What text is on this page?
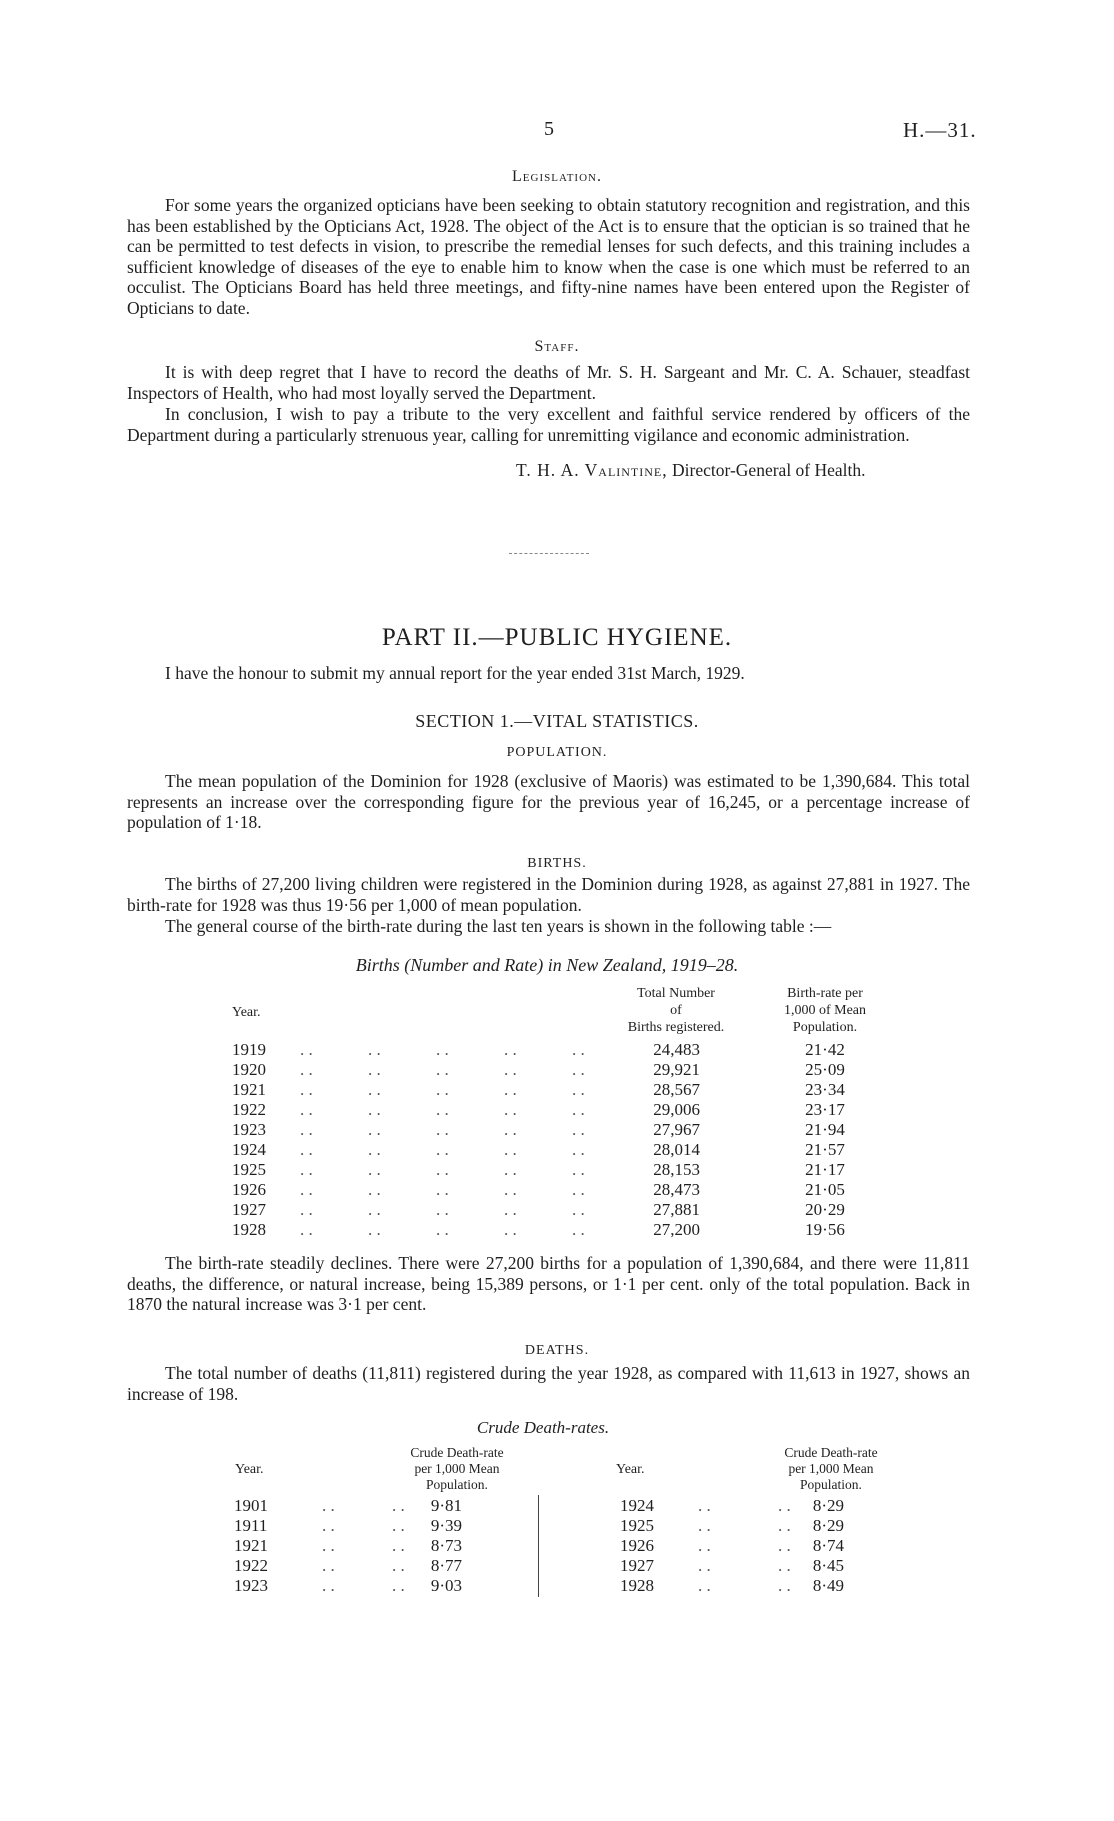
5	H.—31.
Legislation.

For some years the organized opticians have been seeking to obtain statutory recognition and registration, and this has been established by the Opticians Act, 1928. The object of the Act is to ensure that the optician is so trained that he can be permitted to test defects in vision, to prescribe the remedial lenses for such defects, and this training includes a sufficient knowledge of diseases of the eye to enable him to know when the case is one which must be referred to an occulist. The Opticians Board has held three meetings, and fifty-nine names have been entered upon the Register of Opticians to date.

Staff.

It is with deep regret that I have to record the deaths of Mr. S. H. Sargeant and Mr. C. A. Schauer, steadfast Inspectors of Health, who had most loyally served the Department.

In conclusion, I wish to pay a tribute to the very excellent and faithful service rendered by officers of the Department during a particularly strenuous year, calling for unremitting vigilance and economic administration.

T. H. A. Valintine, Director-General of Health.
PART II.—PUBLIC HYGIENE.

I have the honour to submit my annual report for the year ended 31st March, 1929.

SECTION 1.—VITAL STATISTICS.
POPULATION.

The mean population of the Dominion for 1928 (exclusive of Maoris) was estimated to be 1,390,684. This total represents an increase over the corresponding figure for the previous year of 16,245, or a percentage increase of population of 1·18.

BIRTHS.

The births of 27,200 living children were registered in the Dominion during 1928, as against 27,881 in 1927. The birth-rate for 1928 was thus 19·56 per 1,000 of mean population.

The general course of the birth-rate during the last ten years is shown in the following table :—

Births (Number and Rate) in New Zealand, 1919–28.
Year.
Total Number
of
Births registered.
Birth-rate per
1,000 of Mean
Population.
1919 . .	. .	. .	. .	. .	24,483	21·42
1920 . .	. .	. .	. .	. .	29,921	25·09
1921 . .	. .	. .	. .	. .	28,567	23·34
1922 . .	. .	. .	. .	. .	29,006	23·17
1923 . .	. .	. .	. .	. .	27,967	21·94
1924 . .	. .	. .	. .	. .	28,014	21·57
1925 . .	. .	. .	. .	. .	28,153	21·17
1926 . .	. .	. .	. .	. .	28,473	21·05
1927 . .	. .	. .	. .	. .	27,881	20·29
1928 . .	. .	. .	. .	. .	27,200	19·56

The birth-rate steadily declines. There were 27,200 births for a population of 1,390,684, and there were 11,811 deaths, the difference, or natural increase, being 15,389 persons, or 1·1 per cent. only of the total population. Back in 1870 the natural increase was 3·1 per cent.

DEATHS.

The total number of deaths (11,811) registered during the year 1928, as compared with 11,613 in 1927, shows an increase of 198.

Crude Death-rates.
Year.
Crude Death-rate
per 1,000 Mean
Population.
Year.
Crude Death-rate
per 1,000 Mean
Population.
1901	. .	. .	9·81	1924	. .	. .	8·29
1911	. .	. .	9·39	1925	. .	. .	8·29
1921	. .	. .	8·73	1926	. .	. .	8·74
1922	. .	. .	8·77	1927	. .	. .	8·45
1923	. .	. .	9·03	1928	. .	. .	8·49
